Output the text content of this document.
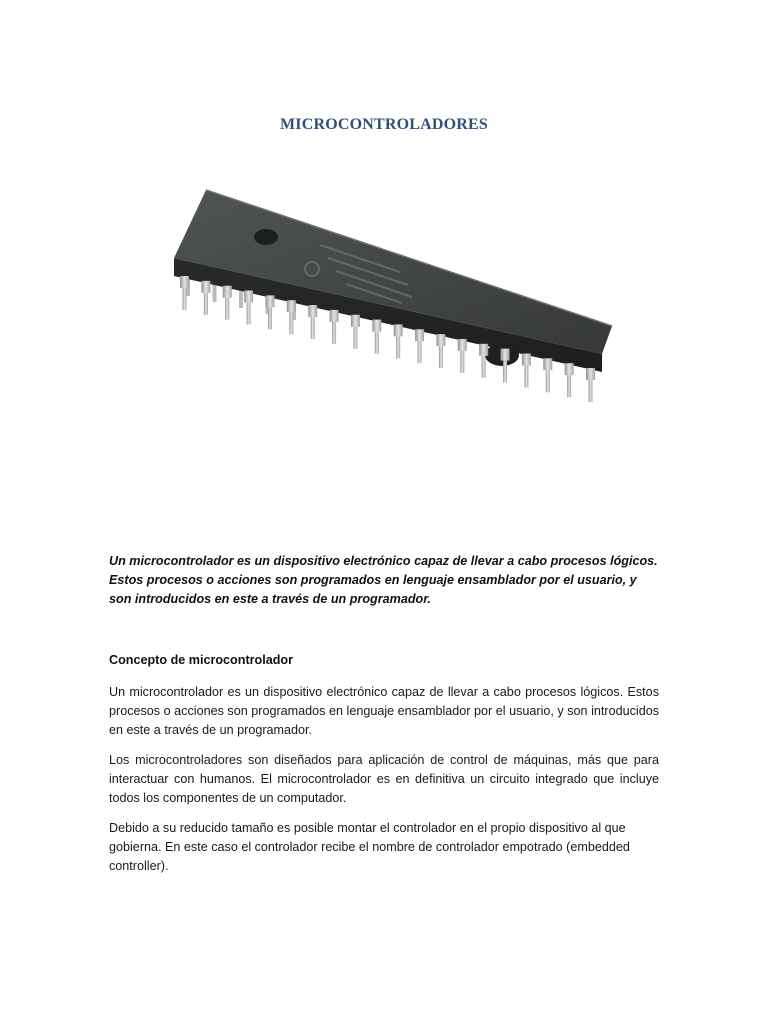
MICROCONTROLADORES

Un microcontrolador es un dispositivo electrónico capaz de llevar a cabo procesos lógicos. Estos procesos o acciones son programados en lenguaje ensamblador por el usuario, y son introducidos en este a través de un programador.

Concepto de microcontrolador

Un microcontrolador es un dispositivo electrónico capaz de llevar a cabo procesos lógicos. Estos procesos o acciones son programados en lenguaje ensamblador por el usuario, y son introducidos en este a través de un programador.

Los microcontroladores son diseñados para aplicación de control de máquinas, más que para interactuar con humanos. El microcontrolador es en definitiva un circuito integrado que incluye todos los componentes de un computador.

Debido a su reducido tamaño es posible montar el controlador en el propio dispositivo al que gobierna. En este caso el controlador recibe el nombre de controlador empotrado (embedded controller).
